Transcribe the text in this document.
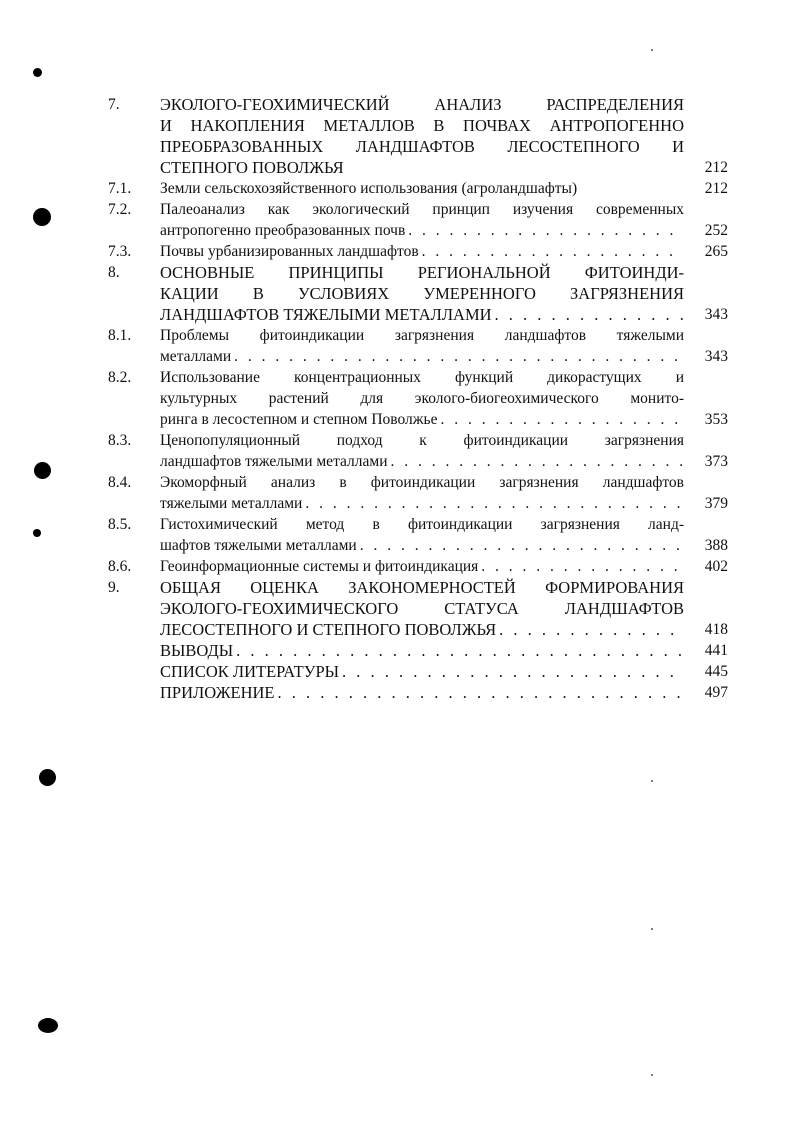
7.	ЭКОЛОГО-ГЕОХИМИЧЕСКИЙ АНАЛИЗ РАСПРЕДЕЛЕНИЯ
И НАКОПЛЕНИЯ МЕТАЛЛОВ В ПОЧВАХ АНТРОПОГЕННО
ПРЕОБРАЗОВАННЫХ ЛАНДШАФТОВ ЛЕСОСТЕПНОГО И
СТЕПНОГО ПОВОЛЖЬЯ	212
7.1.	Земли сельскохозяйственного использования (агроландшафты)	212
7.2.	Палеоанализ как экологический принцип изучения современных
антропогенно преобразованных почв . . .	252
7.3.	Почвы урбанизированных ландшафтов . . .	265
8.	ОСНОВНЫЕ ПРИНЦИПЫ РЕГИОНАЛЬНОЙ ФИТОИНДИ-
КАЦИИ В УСЛОВИЯХ УМЕРЕННОГО ЗАГРЯЗНЕНИЯ
ЛАНДШАФТОВ ТЯЖЕЛЫМИ МЕТАЛЛАМИ . . .	343
8.1.	Проблемы фитоиндикации загрязнения ландшафтов тяжелыми
металлами . . .	343
8.2.	Использование концентрационных функций дикорастущих и
культурных растений для эколого-биогеохимического монито-
ринга в лесостепном и степном Поволжье . . .	353
8.3.	Ценопопуляционный подход к фитоиндикации загрязнения
ландшафтов тяжелыми металлами . . .	373
8.4.	Экоморфный анализ в фитоиндикации загрязнения ландшафтов
тяжелыми металлами . . .	379
8.5.	Гистохимический метод в фитоиндикации загрязнения ланд-
шафтов тяжелыми металлами . . .	388
8.6.	Геоинформационные системы и фитоиндикация . . .	402
9.	ОБЩАЯ ОЦЕНКА ЗАКОНОМЕРНОСТЕЙ ФОРМИРОВАНИЯ
ЭКОЛОГО-ГЕОХИМИЧЕСКОГО СТАТУСА ЛАНДШАФТОВ
ЛЕСОСТЕПНОГО И СТЕПНОГО ПОВОЛЖЬЯ . . .	418
ВЫВОДЫ . . .	441
СПИСОК ЛИТЕРАТУРЫ . . .	445
ПРИЛОЖЕНИЕ . . .	497
